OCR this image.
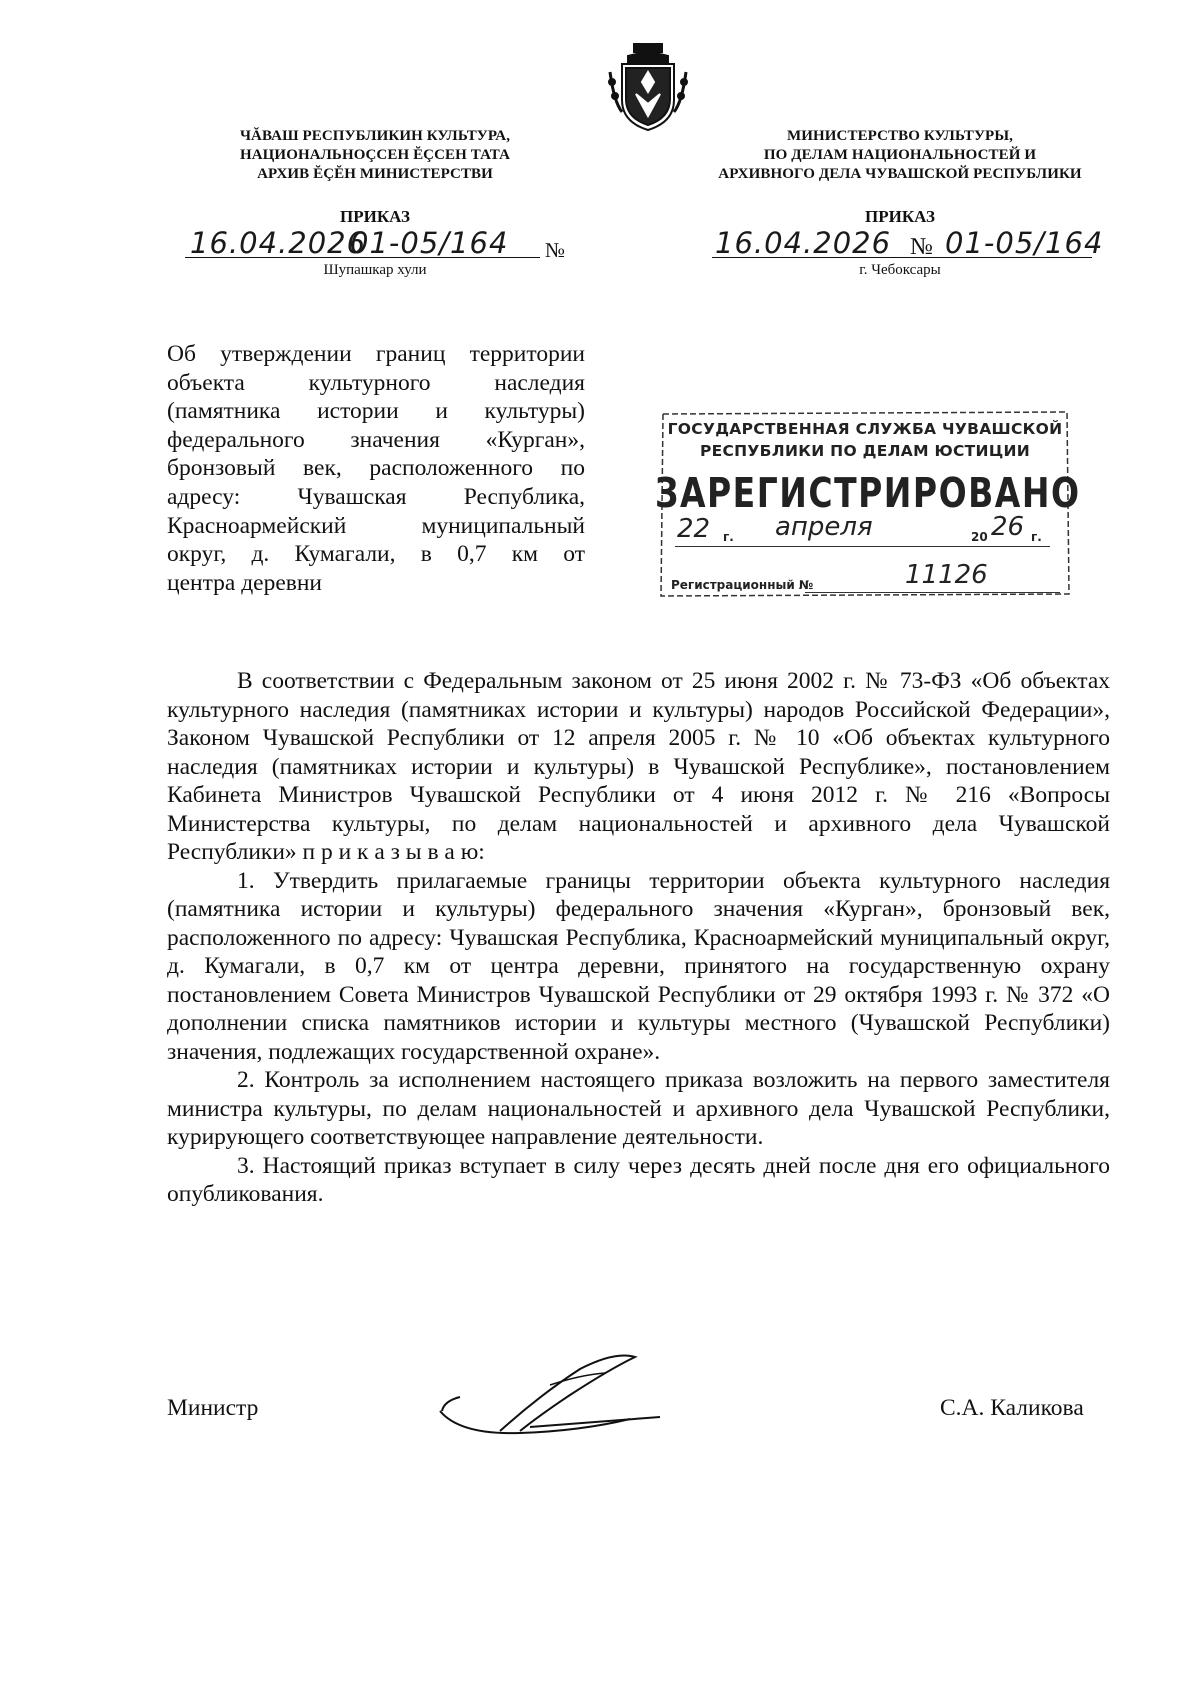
ЧĂВАШ РЕСПУБЛИКИН КУЛЬТУРА,
НАЦИОНАЛЬНОÇСЕН ĔÇСЕН ТАТА
АРХИВ ĔÇĔН МИНИСТЕРСТВИ
ПРИКАЗ
16.04.2026
01-05/164 №
Шупашкар хули
МИНИСТЕРСТВО КУЛЬТУРЫ,
ПО ДЕЛАМ НАЦИОНАЛЬНОСТЕЙ И
АРХИВНОГО ДЕЛА ЧУВАШСКОЙ РЕСПУБЛИКИ
ПРИКАЗ
16.04.2026 № 01-05/164
г. Чебоксары
Об утверждении границ территории
объекта культурного наследия
(памятника истории и культуры)
федерального значения «Курган»,
бронзовый век, расположенного по
адресу: Чувашская Республика,
Красноармейский муниципальный
округ, д. Кумагали, в 0,7 км от
центра деревни
ГОСУДАРСТВЕННАЯ СЛУЖБА ЧУВАШСКОЙ
РЕСПУБЛИКИ ПО ДЕЛАМ ЮСТИЦИИ
ЗАРЕГИСТРИРОВАНО
22 г. апреля	20 26 г.
Регистрационный №	11126

В соответствии с Федеральным законом от 25 июня 2002 г. № 73-ФЗ «Об объектах культурного наследия (памятниках истории и культуры) народов Российской Федерации», Законом Чувашской Республики от 12 апреля 2005 г. № 10 «Об объектах культурного наследия (памятниках истории и культуры) в Чувашской Республике», постановлением Кабинета Министров Чувашской Республики от 4 июня 2012 г. № 216 «Вопросы Министерства культуры, по делам национальностей и архивного дела Чувашской Республики» п р и к а з ы в а ю:

1. Утвердить прилагаемые границы территории объекта культурного наследия (памятника истории и культуры) федерального значения «Курган», бронзовый век, расположенного по адресу: Чувашская Республика, Красноармейский муниципальный округ, д. Кумагали, в 0,7 км от центра деревни, принятого на государственную охрану постановлением Совета Министров Чувашской Республики от 29 октября 1993 г. № 372 «О дополнении списка памятников истории и культуры местного (Чувашской Республики) значения, подлежащих государственной охране».

2. Контроль за исполнением настоящего приказа возложить на первого заместителя министра культуры, по делам национальностей и архивного дела Чувашской Республики, курирующего соответствующее направление деятельности.

3. Настоящий приказ вступает в силу через десять дней после дня его официального опубликования.

Министр	С.А. Каликова
